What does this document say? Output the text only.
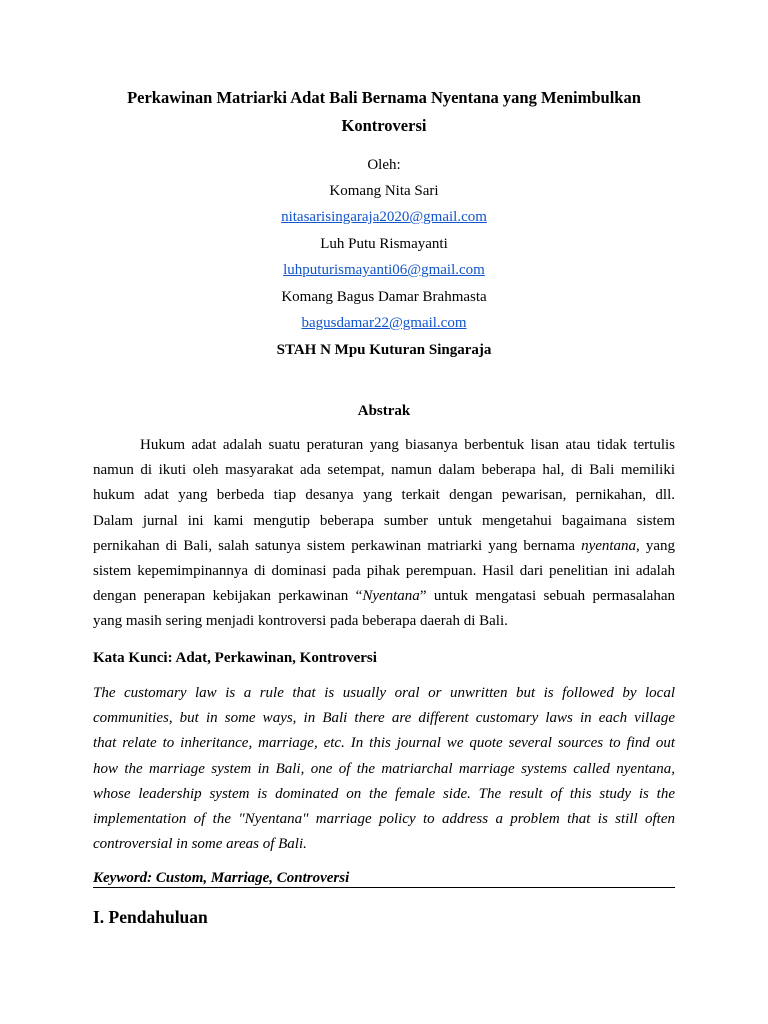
Perkawinan Matriarki Adat Bali Bernama Nyentana yang Menimbulkan
Kontroversi
Oleh:
Komang Nita Sari
nitasarisingaraja2020@gmail.com
Luh Putu Rismayanti
luhputurismayanti06@gmail.com
Komang Bagus Damar Brahmasta
bagusdamar22@gmail.com
STAH N Mpu Kuturan Singaraja
Abstrak
Hukum adat adalah suatu peraturan yang biasanya berbentuk lisan atau tidak tertulis
namun di ikuti oleh masyarakat ada setempat, namun dalam beberapa hal, di Bali memiliki
hukum adat yang berbeda tiap desanya yang terkait dengan pewarisan, pernikahan, dll.
Dalam jurnal ini kami mengutip beberapa sumber untuk mengetahui bagaimana sistem
pernikahan di Bali, salah satunya sistem perkawinan matriarki yang bernama nyentana, yang
sistem kepemimpinannya di dominasi pada pihak perempuan. Hasil dari penelitian ini adalah
dengan penerapan kebijakan perkawinan “Nyentana” untuk mengatasi sebuah permasalahan
yang masih sering menjadi kontroversi pada beberapa daerah di Bali.
Kata Kunci: Adat, Perkawinan, Kontroversi
The customary law is a rule that is usually oral or unwritten but is followed by local
communities, but in some ways, in Bali there are different customary laws in each village
that relate to inheritance, marriage, etc. In this journal we quote several sources to find out
how the marriage system in Bali, one of the matriarchal marriage systems called nyentana,
whose leadership system is dominated on the female side. The result of this study is the
implementation of the "Nyentana" marriage policy to address a problem that is still often
controversial in some areas of Bali.
Keyword: Custom, Marriage, Controversi
I. Pendahuluan
